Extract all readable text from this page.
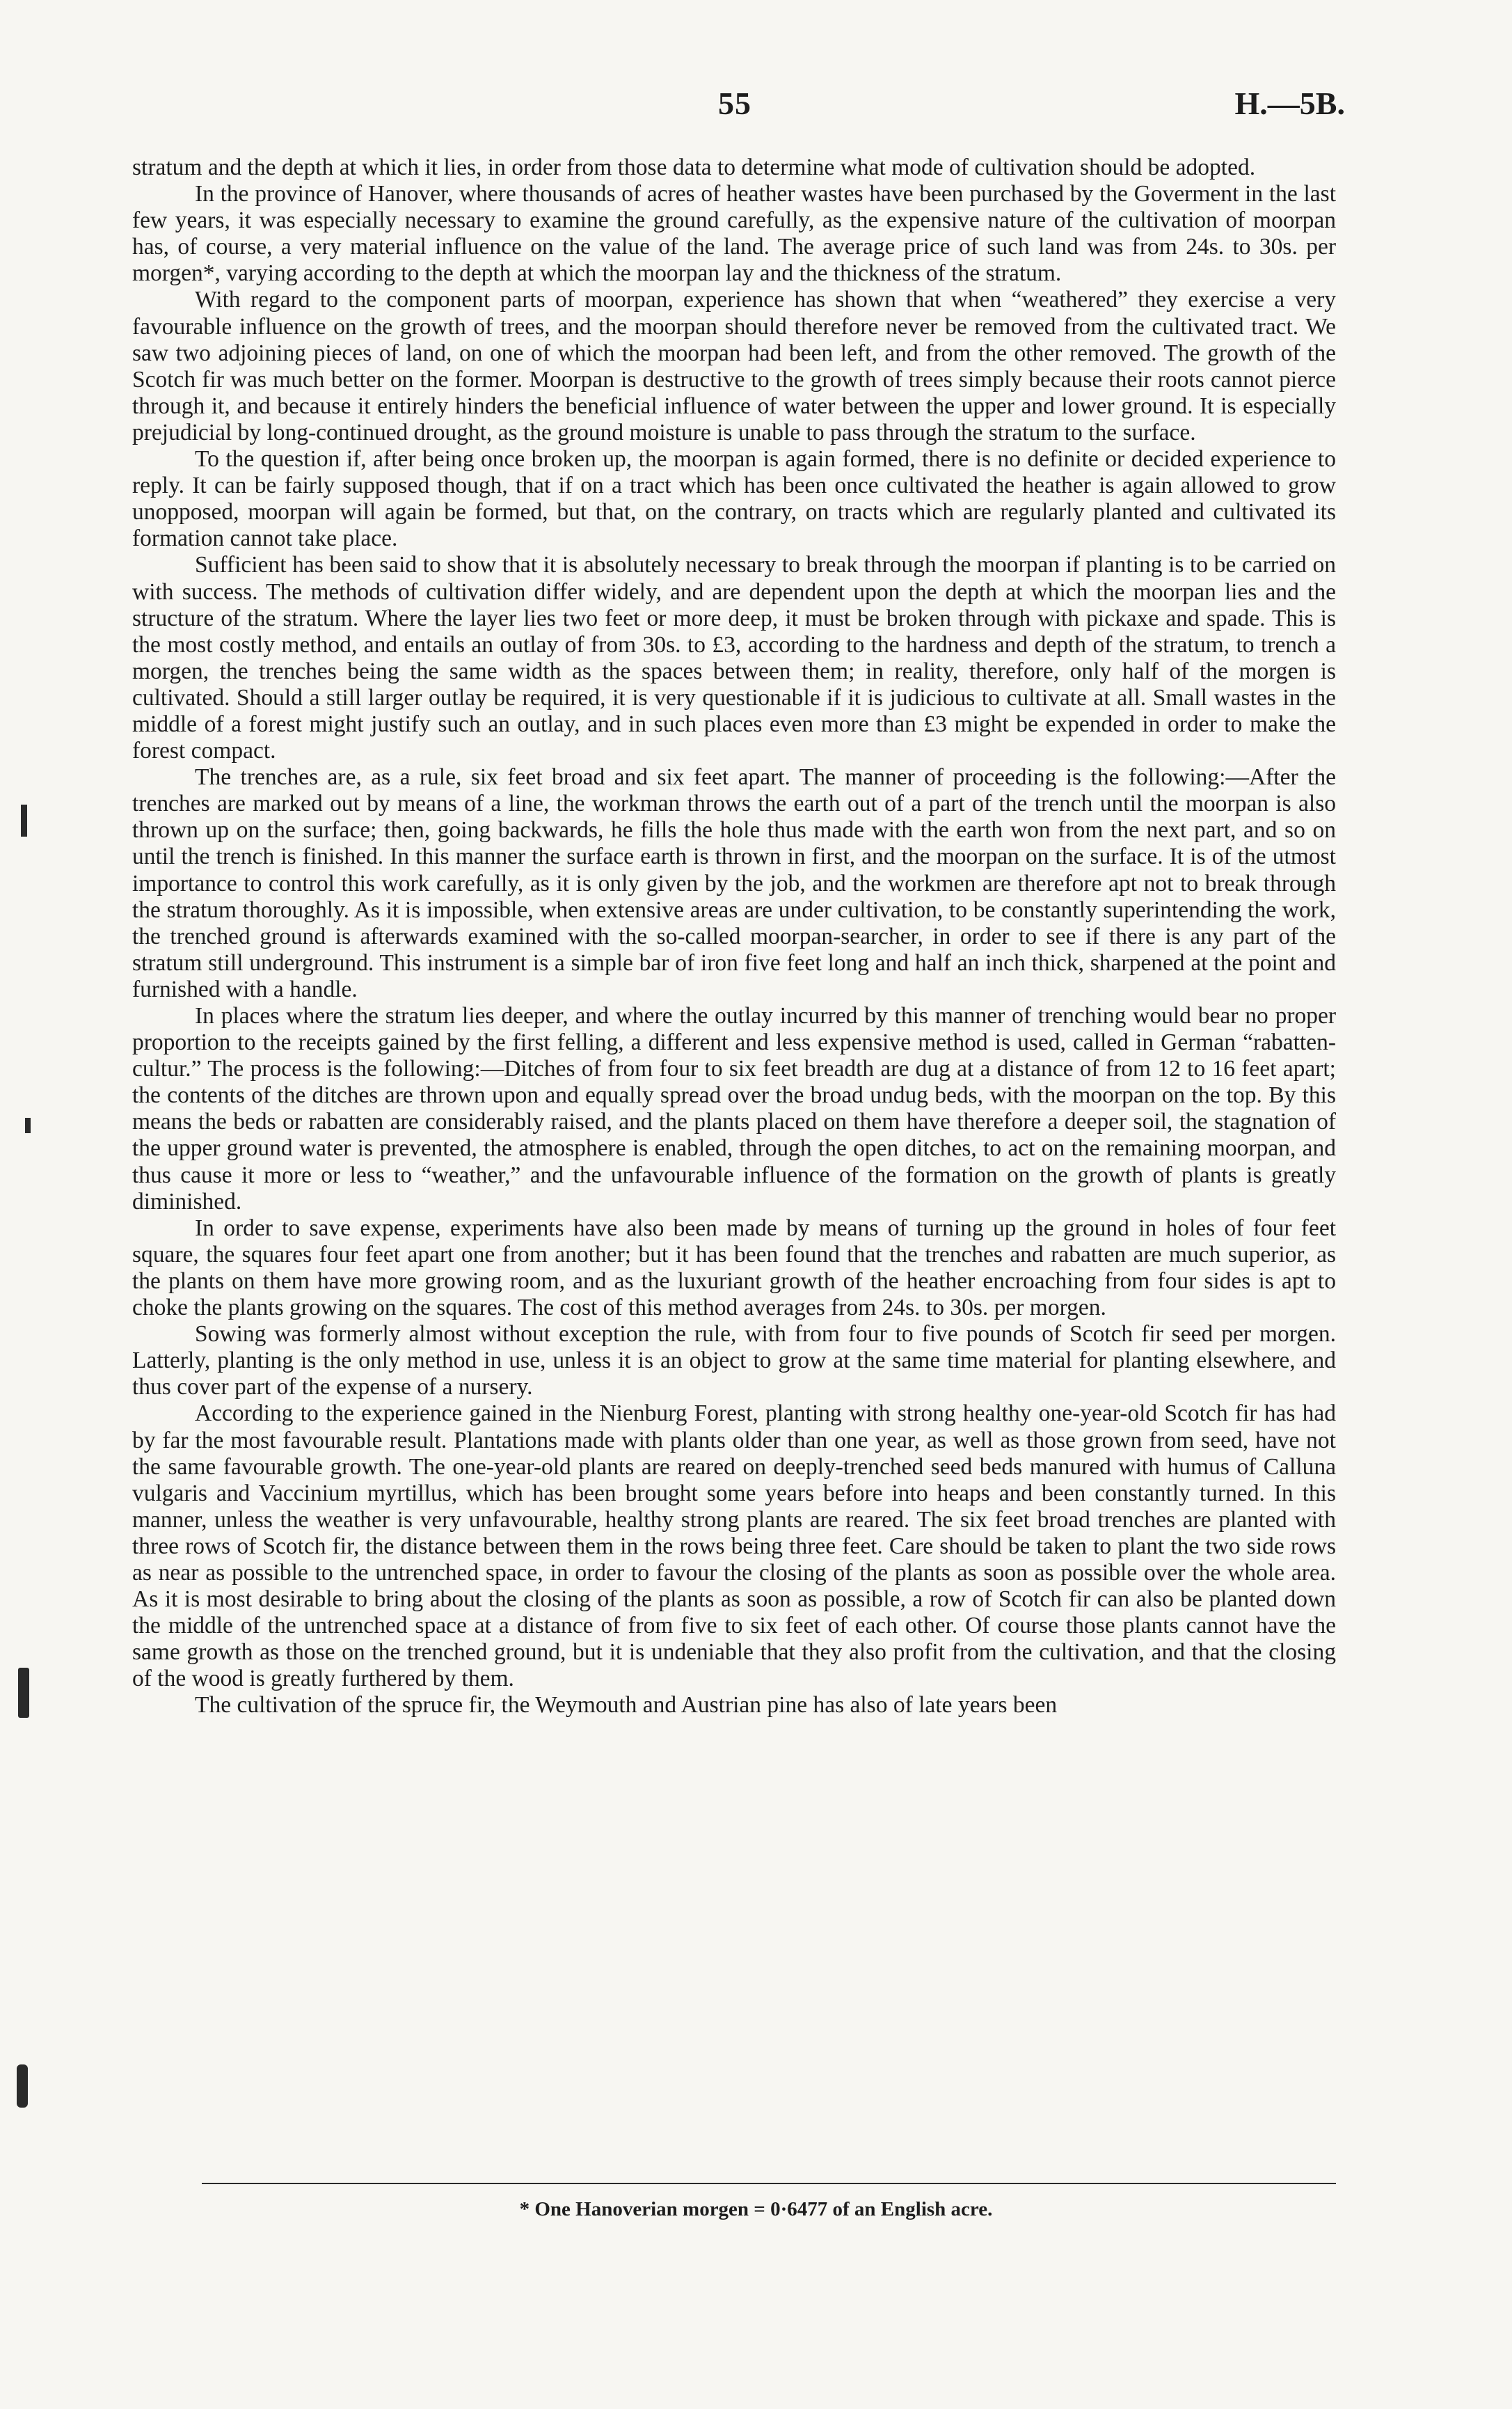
55	H.—5B.

stratum and the depth at which it lies, in order from those data to determine what mode of cultivation should be adopted.

In the province of Hanover, where thousands of acres of heather wastes have been purchased by the Goverment in the last few years, it was especially necessary to examine the ground carefully, as the expensive nature of the cultivation of moorpan has, of course, a very material influence on the value of the land. The average price of such land was from 24s. to 30s. per morgen*, varying according to the depth at which the moorpan lay and the thickness of the stratum.

With regard to the component parts of moorpan, experience has shown that when “weathered” they exercise a very favourable influence on the growth of trees, and the moorpan should therefore never be removed from the cultivated tract. We saw two adjoining pieces of land, on one of which the moorpan had been left, and from the other removed. The growth of the Scotch fir was much better on the former. Moorpan is destructive to the growth of trees simply because their roots cannot pierce through it, and because it entirely hinders the beneficial influence of water between the upper and lower ground. It is especially prejudicial by long-continued drought, as the ground moisture is unable to pass through the stratum to the surface.

To the question if, after being once broken up, the moorpan is again formed, there is no definite or decided experience to reply. It can be fairly supposed though, that if on a tract which has been once cultivated the heather is again allowed to grow unopposed, moorpan will again be formed, but that, on the contrary, on tracts which are regularly planted and cultivated its formation cannot take place.

Sufficient has been said to show that it is absolutely necessary to break through the moorpan if planting is to be carried on with success. The methods of cultivation differ widely, and are dependent upon the depth at which the moorpan lies and the structure of the stratum. Where the layer lies two feet or more deep, it must be broken through with pickaxe and spade. This is the most costly method, and entails an outlay of from 30s. to £3, according to the hardness and depth of the stratum, to trench a morgen, the trenches being the same width as the spaces between them; in reality, therefore, only half of the morgen is cultivated. Should a still larger outlay be required, it is very questionable if it is judicious to cultivate at all. Small wastes in the middle of a forest might justify such an outlay, and in such places even more than £3 might be expended in order to make the forest compact.

The trenches are, as a rule, six feet broad and six feet apart. The manner of proceeding is the following:—After the trenches are marked out by means of a line, the workman throws the earth out of a part of the trench until the moorpan is also thrown up on the surface; then, going backwards, he fills the hole thus made with the earth won from the next part, and so on until the trench is finished. In this manner the surface earth is thrown in first, and the moorpan on the surface. It is of the utmost importance to control this work carefully, as it is only given by the job, and the workmen are therefore apt not to break through the stratum thoroughly. As it is impossible, when extensive areas are under cultivation, to be constantly superintending the work, the trenched ground is afterwards examined with the so-called moorpan-searcher, in order to see if there is any part of the stratum still underground. This instrument is a simple bar of iron five feet long and half an inch thick, sharpened at the point and furnished with a handle.

In places where the stratum lies deeper, and where the outlay incurred by this manner of trenching would bear no proper proportion to the receipts gained by the first felling, a different and less expensive method is used, called in German “rabatten-cultur.” The process is the following:—Ditches of from four to six feet breadth are dug at a distance of from 12 to 16 feet apart; the contents of the ditches are thrown upon and equally spread over the broad undug beds, with the moorpan on the top. By this means the beds or rabatten are considerably raised, and the plants placed on them have therefore a deeper soil, the stagnation of the upper ground water is prevented, the atmosphere is enabled, through the open ditches, to act on the remaining moorpan, and thus cause it more or less to “weather,” and the unfavourable influence of the formation on the growth of plants is greatly diminished.

In order to save expense, experiments have also been made by means of turning up the ground in holes of four feet square, the squares four feet apart one from another; but it has been found that the trenches and rabatten are much superior, as the plants on them have more growing room, and as the luxuriant growth of the heather encroaching from four sides is apt to choke the plants growing on the squares. The cost of this method averages from 24s. to 30s. per morgen.

Sowing was formerly almost without exception the rule, with from four to five pounds of Scotch fir seed per morgen. Latterly, planting is the only method in use, unless it is an object to grow at the same time material for planting elsewhere, and thus cover part of the expense of a nursery.

According to the experience gained in the Nienburg Forest, planting with strong healthy one-year-old Scotch fir has had by far the most favourable result. Plantations made with plants older than one year, as well as those grown from seed, have not the same favourable growth. The one-year-old plants are reared on deeply-trenched seed beds manured with humus of Calluna vulgaris and Vaccinium myrtillus, which has been brought some years before into heaps and been constantly turned. In this manner, unless the weather is very unfavourable, healthy strong plants are reared. The six feet broad trenches are planted with three rows of Scotch fir, the distance between them in the rows being three feet. Care should be taken to plant the two side rows as near as possible to the untrenched space, in order to favour the closing of the plants as soon as possible over the whole area. As it is most desirable to bring about the closing of the plants as soon as possible, a row of Scotch fir can also be planted down the middle of the untrenched space at a distance of from five to six feet of each other. Of course those plants cannot have the same growth as those on the trenched ground, but it is undeniable that they also profit from the cultivation, and that the closing of the wood is greatly furthered by them.

The cultivation of the spruce fir, the Weymouth and Austrian pine has also of late years been

* One Hanoverian morgen = 0·6477 of an English acre.
